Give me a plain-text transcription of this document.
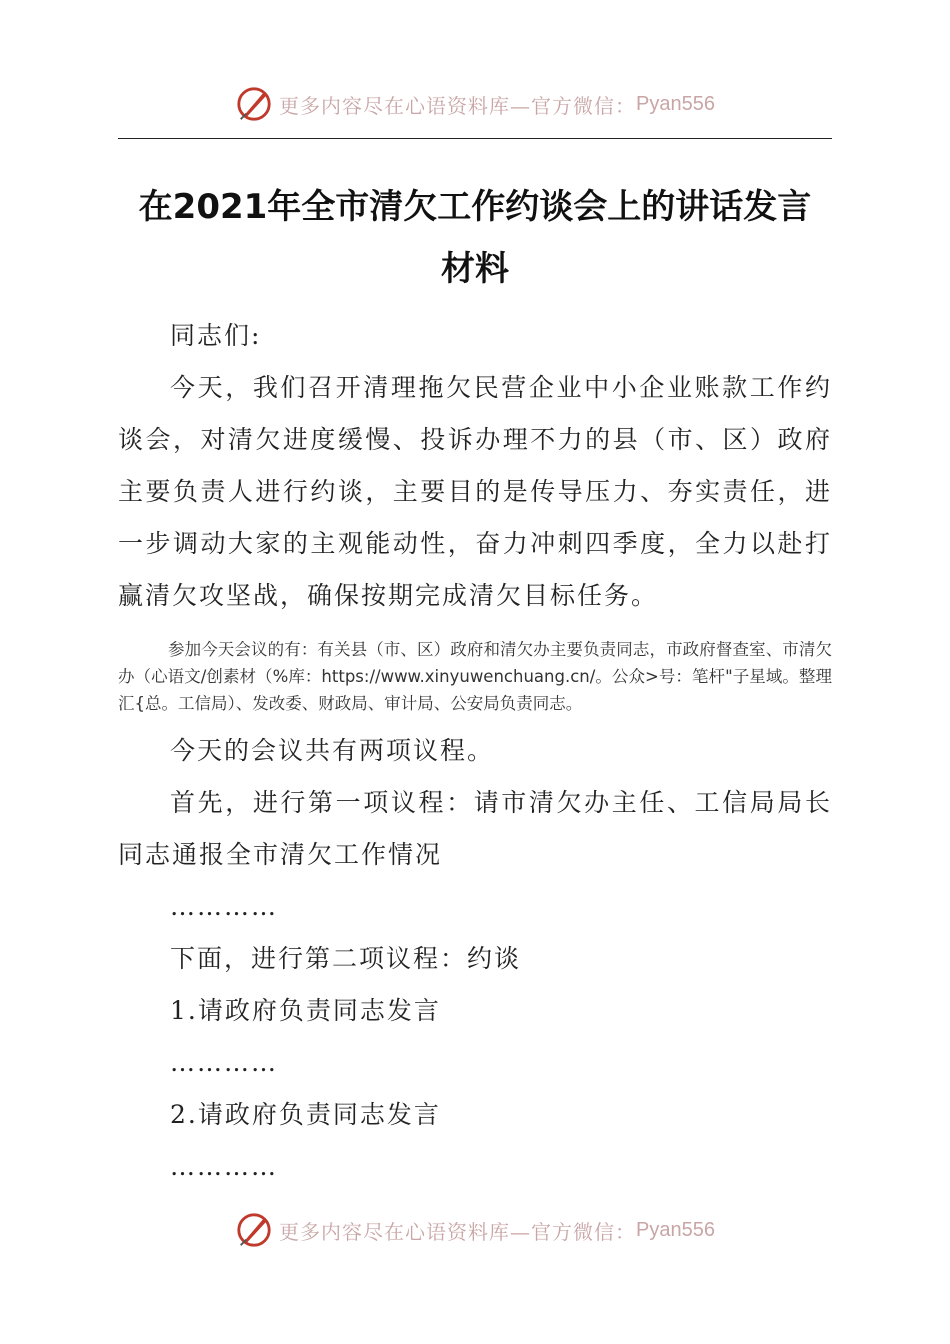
更多内容尽在心语资料库—官方微信： Pyan556
在2021年全市清欠工作约谈会上的讲话发言
材料

同志们:

今天，我们召开清理拖欠民营企业中小企业账款工作约谈会，对清欠进度缓慢、投诉办理不力的县（市、区）政府主要负责人进行约谈，主要目的是传导压力、夯实责任，进一步调动大家的主观能动性，奋力冲刺四季度，全力以赴打赢清欠攻坚战，确保按期完成清欠目标任务。

参加今天会议的有：有关县（市、区）政府和清欠办主要负责同志，市政府督查室、市清欠办（心语文/创素材（%库：https://www.xinyuwenchuang.cn/。公众>号：笔杆"子星域。整理汇{总。工信局）、发改委、财政局、审计局、公安局负责同志。

今天的会议共有两项议程。

首先，进行第一项议程：请市清欠办主任、工信局局长同志通报全市清欠工作情况

…………

下面，进行第二项议程：约谈

1.请政府负责同志发言

…………

2.请政府负责同志发言

…………

更多内容尽在心语资料库—官方微信： Pyan556
